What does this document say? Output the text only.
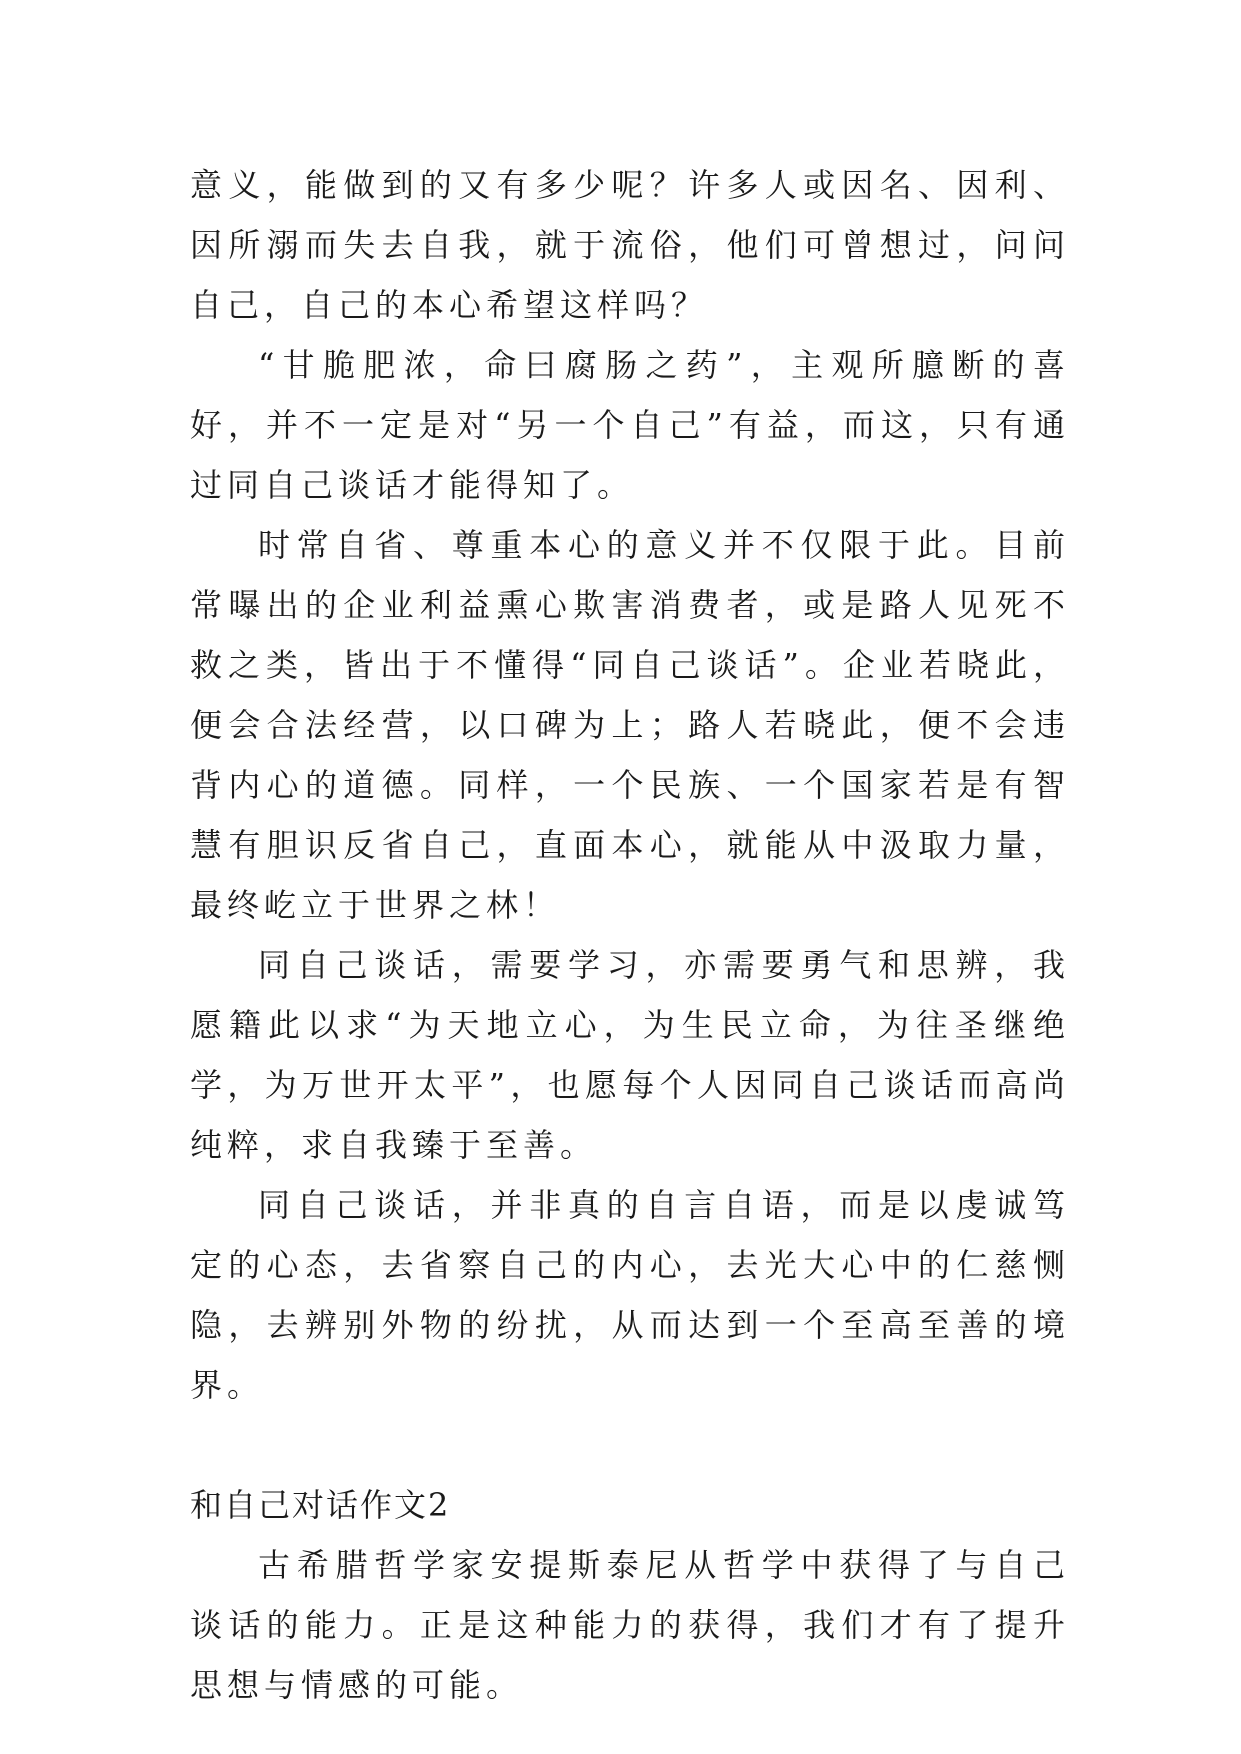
意义，能做到的又有多少呢？许多人或因名、因利、因所溺而失去自我，就于流俗，他们可曾想过，问问自己，自己的本心希望这样吗？

“甘脆肥浓，命曰腐肠之药”，主观所臆断的喜好，并不一定是对“另一个自己”有益，而这，只有通过同自己谈话才能得知了。

时常自省、尊重本心的意义并不仅限于此。目前常曝出的企业利益熏心欺害消费者，或是路人见死不救之类，皆出于不懂得“同自己谈话”。企业若晓此，便会合法经营，以口碑为上；路人若晓此，便不会违背内心的道德。同样，一个民族、一个国家若是有智慧有胆识反省自己，直面本心，就能从中汲取力量，最终屹立于世界之林！

同自己谈话，需要学习，亦需要勇气和思辨，我愿籍此以求“为天地立心，为生民立命，为往圣继绝学，为万世开太平”，也愿每个人因同自己谈话而高尚纯粹，求自我臻于至善。

同自己谈话，并非真的自言自语，而是以虔诚笃定的心态，去省察自己的内心，去光大心中的仁慈恻隐，去辨别外物的纷扰，从而达到一个至高至善的境界。

和自己对话作文2

古希腊哲学家安提斯泰尼从哲学中获得了与自己谈话的能力。正是这种能力的获得，我们才有了提升思想与情感的可能。
